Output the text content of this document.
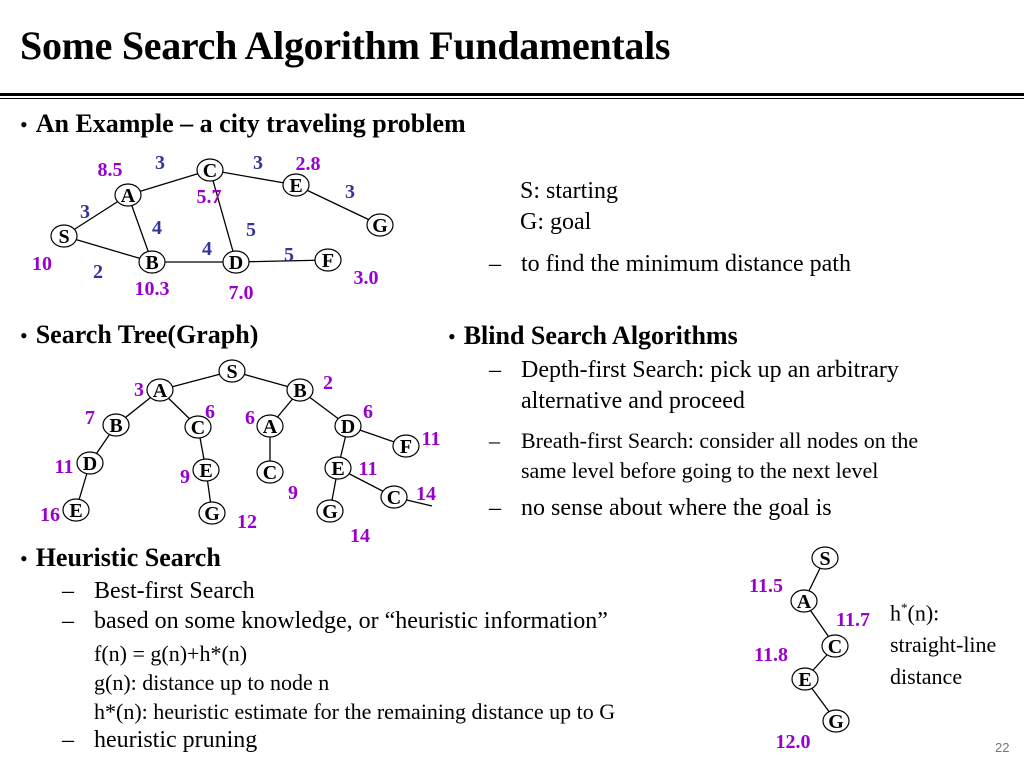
Some Search Algorithm Fundamentals
• An Example – a city traveling problem
S
A
C
B	D
E
F
G
3
2
3
4
3
5
4	5
3
10
8.5
10.3
5.7
7.0
2.8
3.0
S: starting
G: goal
– to find the minimum distance path
• Search Tree(Graph)
S
A	B
B	C	A	D
F
D	E	C	E
C
E	G	G
3	2
7	6 6	6
11
11	9
9
11
14
16	12
14
• Blind Search Algorithms
– Depth-first Search: pick up an arbitrary
alternative and proceed
– Breath-first Search: consider all nodes on the
same level before going to the next level
– no sense about where the goal is
• Heuristic Search
– Best-first Search
– based on some knowledge, or “heuristic information”
f(n) = g(n)+h*(n)
g(n): distance up to node n
h*(n): heuristic estimate for the remaining distance up to G
– heuristic pruning
S
A
C
E
G
11.5
11.7
11.8
12.0
h*(n):
straight-line
distance
22
